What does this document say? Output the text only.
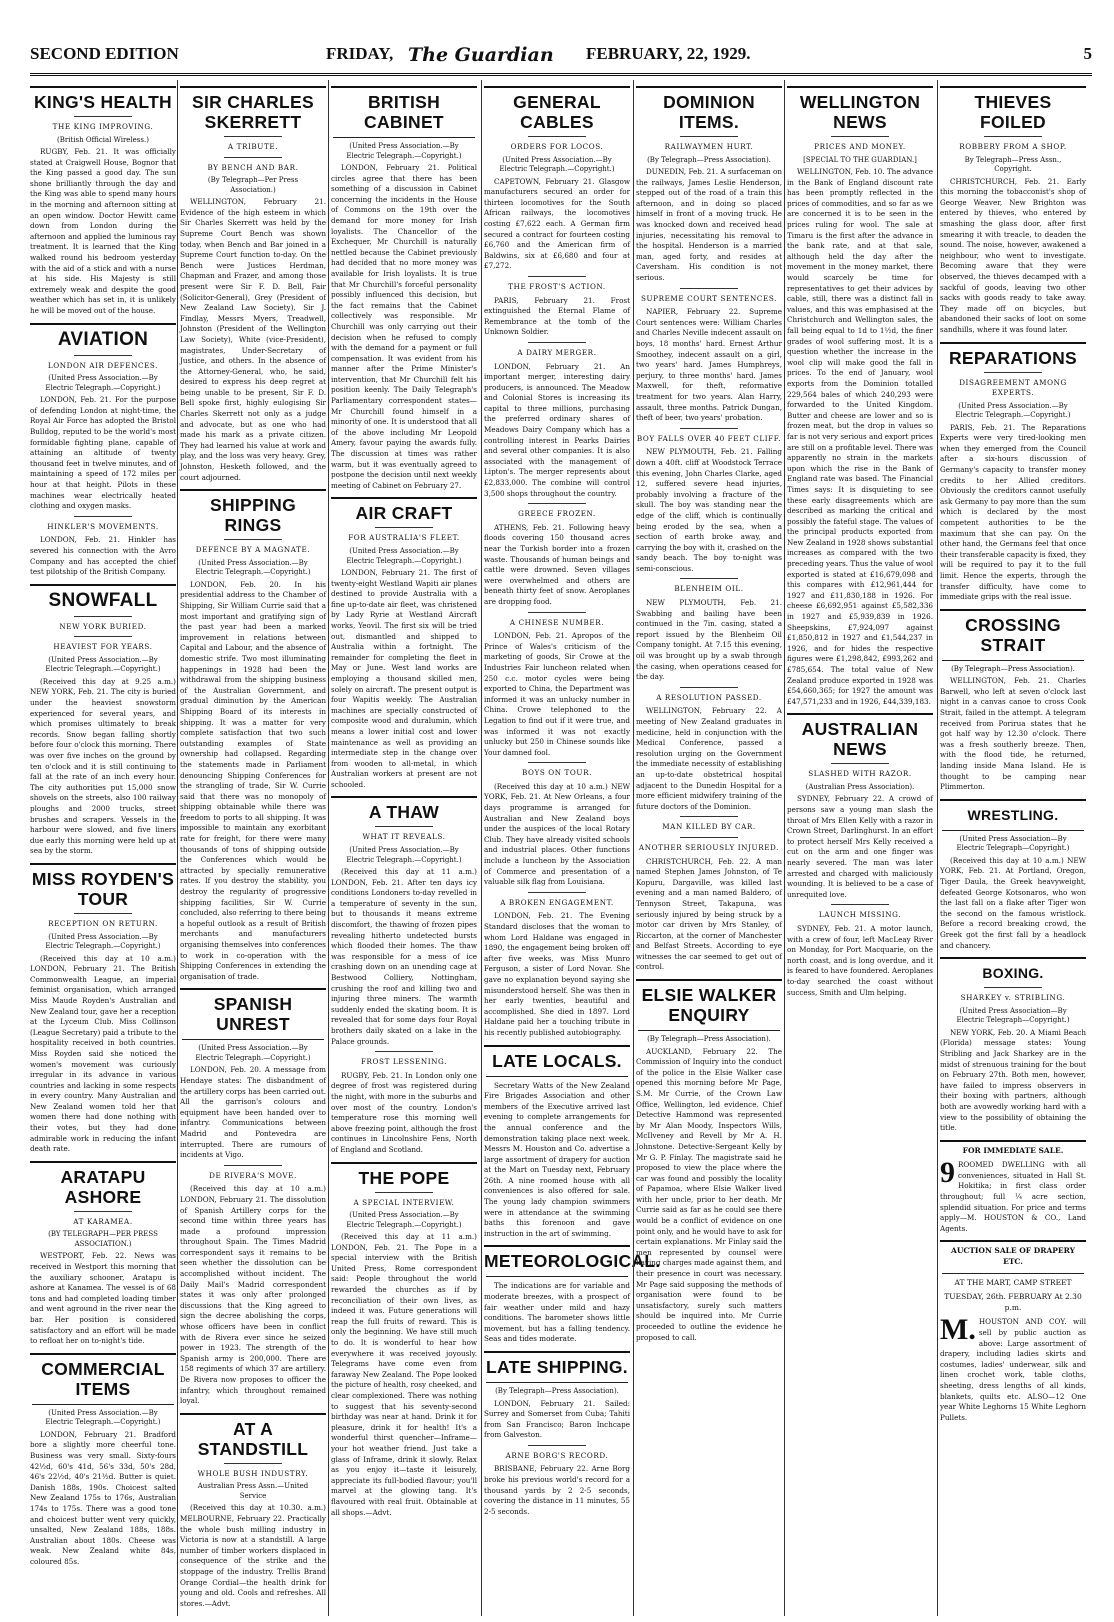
SECOND EDITION	FRIDAY, The Guardian FEBRUARY, 22, 1929.	5
KING'S HEALTH
THE KING IMPROVING.
(British Official Wireless.)

RUGBY, Feb. 21. It was officially stated at Craigwell House, Bognor that the King passed a good day. The sun shone brilliantly through the day and the King was able to spend many hours in the morning and afternoon sitting at an open window. Doctor Hewitt came down from London during the afternoon and applied the luminous ray treatment. It is learned that the King walked round his bedroom yesterday with the aid of a stick and with a nurse at his side. His Majesty is still extremely weak and despite the good weather which has set in, it is unlikely he will be moved out of the house.

AVIATION
LONDON AIR DEFENCES.
(United Press Association.—By Electric Telegraph.—Copyright.)

LONDON, Feb. 21. For the purpose of defending London at night-time, the Royal Air Force has adopted the Bristol Bulldog, reputed to be the world's most formidable fighting plane, capable of attaining an altitude of twenty thousand feet in twelve minutes, and of maintaining a speed of 172 miles per hour at that height. Pilots in these machines wear electrically heated clothing and oxygen masks.

HINKLER'S MOVEMENTS.

LONDON, Feb. 21. Hinkler has severed his connection with the Avro Company and has accepted the chief test pilotship of the British Company.

SNOWFALL
NEW YORK BURIED.
HEAVIEST FOR YEARS.
(United Press Association.—By Electric Telegraph.—Copyright.)

(Received this day at 9.25 a.m.) NEW YORK, Feb. 21. The city is buried under the heaviest snowstorm experienced for several years, and which promises ultimately to break records. Snow began falling shortly before four o'clock this morning. There was over five inches on the ground by ten o'clock and it is still continuing to fall at the rate of an inch every hour. The city authorities put 15,000 snow shovels on the streets, also 100 railway ploughs and 2000 trucks, street brushes and scrapers. Vessels in the harbour were slowed, and five liners due early this morning were held up at sea by the storm.

MISS ROYDEN'S TOUR
RECEPTION ON RETURN.
(United Press Association.—By Electric Telegraph.—Copyright.)

(Received this day at 10 a.m.) LONDON, February 21. The British Commonwealth League, an imperial feminist organisation, which arranged Miss Maude Royden's Australian and New Zealand tour, gave her a reception at the Lyceum Club. Miss Collinson (League Secretary) paid a tribute to the hospitality received in both countries. Miss Royden said she noticed the women's movement was curiously irregular in its advance in various countries and lacking in some respects in every country. Many Australian and New Zealand women told her that women there had done nothing with their votes, but they had done admirable work in reducing the infant death rate.

ARATAPU ASHORE
AT KARAMEA.
(BY TELEGRAPH—PER PRESS ASSOCIATION.)

WESTPORT, Feb. 22. News was received in Westport this morning that the auxiliary schooner, Aratapu is ashore at Kanamea. The vessel is of 68 tons and had completed loading timber and went aground in the river near the bar. Her position is considered satisfactory and an effort will be made to refloat her on to-night's tide.

COMMERCIAL ITEMS
(United Press Association.—By Electric Telegraph.—Copyright.)

LONDON, February 21. Bradford bore a slightly more cheerful tone. Business was very small. Sixty-fours 42½d, 60's 41d, 56's 33d, 50's 28d, 46's 22½d, 40's 21½d. Butter is quiet. Danish 188s, 190s. Choicest salted New Zealand 175s to 176s, Australian 174s to 175s. There was a good tone and choicest butter went very quickly, unsalted, New Zealand 188s, 188s. Australian about 180s. Cheese was weak. New Zealand white 84s, coloured 85s.

SIR CHARLES SKERRETT
A TRIBUTE.
BY BENCH AND BAR.
(By Telegraph—Per Press Association.)

WELLINGTON, February 21. Evidence of the high esteem in which Sir Charles Skerrett was held by the Supreme Court Bench was shown today, when Bench and Bar joined in a Supreme Court function to-day. On the Bench were Justices Herdman, Chapman and Frazer, and among those present were Sir F. D. Bell, Fair (Solicitor-General), Grey (President of New Zealand Law Society), Sir J. Findlay, Messrs Myers, Treadwell, Johnston (President of the Wellington Law Society), White (vice-President), magistrates, Under-Secretary of Justice, and others. In the absence of the Attorney-General, who, he said, desired to express his deep regret at being unable to be present, Sir F. D. Bell spoke first, highly eulogising Sir Charles Skerrett not only as a judge and advocate, but as one who had made his mark as a private citizen. They had learned his value at work and play, and the loss was very heavy. Grey, Johnston, Hesketh followed, and the court adjourned.

SHIPPING RINGS
DEFENCE BY A MAGNATE.
(United Press Association.—By Electric Telegraph.—Copyright.)

LONDON, Feb. 20. In his presidential address to the Chamber of Shipping, Sir William Currie said that a most important and gratifying sign of the past year had been a marked improvement in relations between Capital and Labour, and the absence of domestic strife. Two most illuminating happenings in 1928 had been the withdrawal from the shipping business of the Australian Government, and gradual diminution by the American Shipping Board of its interests in shipping. It was a matter for very complete satisfaction that two such outstanding examples of State ownership had collapsed. Regarding the statements made in Parliament denouncing Shipping Conferences for the strangling of trade, Sir W. Currie said that there was no monopoly of shipping obtainable while there was freedom to ports to all shipping. It was impossible to maintain any exorbitant rate for freight, for there were many thousands of tons of shipping outside the Conferences which would be attracted by specially remunerative rates. If you destroy the stability, you destroy the regularity of progressive shipping facilities, Sir W. Currie concluded, also referring to there being a hopeful outlook as a result of British merchants and manufacturers organising themselves into conferences to work in co-operation with the Shipping Conferences in extending the organisation of trade.

SPANISH UNREST
(United Press Association.—By Electric Telegraph.—Copyright.)

LONDON, Feb. 20. A message from Hendaye states: The disbandment of the artillery corps has been carried out. All the garrison's colours and equipment have been handed over to infantry. Communications between Madrid and Pontevedra are interrupted. There are rumours of incidents at Vigo.

DE RIVERA'S MOVE.

(Received this day at 10 a.m.) LONDON, February 21. The dissolution of Spanish Artillery corps for the second time within three years has made a profound impression throughout Spain. The Times Madrid correspondent says it remains to be seen whether the dissolution can be accomplished without incident. The Daily Mail's Madrid correspondent states it was only after prolonged discussions that the King agreed to sign the decree abolishing the corps, whose officers have been in conflict with de Rivera ever since he seized power in 1923. The strength of the Spanish army is 200,000. There are 158 regiments of which 37 are artillery. De Rivera now proposes to officer the infantry, which throughout remained loyal.

AT A STANDSTILL
WHOLE BUSH INDUSTRY.
Australian Press Assn.—United Service

(Received this day at 10.30. a.m.) MELBOURNE, February 22. Practically the whole bush milling industry in Victoria is now at a standstill. A large number of timber workers displaced in consequence of the strike and the stoppage of the industry. Trellis Brand Orange Cordial—the health drink for young and old. Cools and refreshes. All stores.—Advt.

BRITISH CABINET
(United Press Association.—By Electric Telegraph.—Copyright.)

LONDON, February 21. Political circles agree that there has been something of a discussion in Cabinet concerning the incidents in the House of Commons on the 19th over the demand for more money for Irish loyalists. The Chancellor of the Exchequer, Mr Churchill is naturally nettled because the Cabinet previously had decided that no more money was available for Irish loyalists. It is true that Mr Churchill's forceful personality possibly influenced this decision, but the fact remains that the Cabinet collectively was responsible. Mr Churchill was only carrying out their decision when he refused to comply with the demand for a payment or full compensation. It was evident from his manner after the Prime Minister's intervention, that Mr Churchill felt his position keenly. The Daily Telegraph's Parliamentary correspondent states—Mr Churchill found himself in a minority of one. It is understood that all of the above including Mr Leopold Amery, favour paying the awards fully. The discussion at times was rather warm, but it was eventually agreed to postpone the decision until next weekly meeting of Cabinet on February 27.

AIR CRAFT
FOR AUSTRALIA'S FLEET.
(United Press Association.—By Electric Telegraph.—Copyright.)

LONDON, February 21. The first of twenty-eight Westland Wapiti air planes destined to provide Australia with a fine up-to-date air fleet, was christened by Lady Ryrie at Westland Aircraft works, Yeovil. The first six will be tried out, dismantled and shipped to Australia within a fortnight. The remainder for completing the fleet in May or June. West land works are employing a thousand skilled men, solely on aircraft. The present output is four Wapitis weekly. The Australian machines are specially constructed of composite wood and duralumin, which means a lower initial cost and lower maintenance as well as providing an intermediate step in the change over from wooden to all-metal, in which Australian workers at present are not schooled.

A THAW
WHAT IT REVEALS.
(United Press Association.—By Electric Telegraph.—Copyright.)

(Received this day at 11 a.m.) LONDON, Feb. 21. After ten days icy conditions Londoners to-day revelled in a temperature of seventy in the sun, but to thousands it means extreme discomfort, the thawing of frozen pipes revealing hitherto undetected bursts which flooded their homes. The thaw was responsible for a mess of ice crashing down on an unending cage at Bestwood Colliery, Nottingham, crushing the roof and killing two and injuring three miners. The warmth suddenly ended the skating boom. It is revealed that for some days four Royal brothers daily skated on a lake in the Palace grounds.

FROST LESSENING.

RUGBY, Feb. 21. In London only one degree of frost was registered during the night, with more in the suburbs and over most of the country. London's temperature rose this morning well above freezing point, although the frost continues in Lincolnshire Fens, North of England and Scotland.

THE POPE
A SPECIAL INTERVIEW.
(United Press Association.—By Electric Telegraph.—Copyright.)

(Received this day at 11 a.m.) LONDON, Feb. 21. The Pope in a special interview with the British United Press, Rome correspondent said: People throughout the world rewarded the churches as if by reconciliation of their own lives, as indeed it was. Future generations will reap the full fruits of reward. This is only the beginning. We have still much to do. It is wonderful to hear how everywhere it was received joyously. Telegrams have come even from faraway New Zealand. The Pope looked the picture of health, rosy cheeked, and clear complexioned. There was nothing to suggest that his seventy-second birthday was near at hand. Drink it for pleasure, drink it for health! It's a wonderful thirst quencher—Inframe—your hot weather friend. Just take a glass of Inframe, drink it slowly. Relax as you enjoy it—taste it leisurely, appreciate its full-bodied flavour; you'll marvel at the glowing tang. It's flavoured with real fruit. Obtainable at all shops.—Advt.

GENERAL CABLES
ORDERS FOR LOCOS.
(United Press Association.—By Electric Telegraph.—Copyright.)

CAPETOWN, February 21. Glasgow manufacturers secured an order for thirteen locomotives for the South African railways, the locomotives costing £7,622 each. A German firm secured a contract for fourteen costing £6,760 and the American firm of Baldwins, six at £6,680 and four at £7,272.

THE FROST'S ACTION.

PARIS, February 21. Frost extinguished the Eternal Flame of Remembrance at the tomb of the Unknown Soldier.

A DAIRY MERGER.

LONDON, February 21. An important merger, interesting dairy producers, is announced. The Meadow and Colonial Stores is increasing its capital to three millions, purchasing the preferred ordinary shares of Meadows Dairy Company which has a controlling interest in Pearks Dairies and several other companies. It is also associated with the management of Lipton's. The merger represents about £2,833,000. The combine will control 3,500 shops throughout the country.

GREECE FROZEN.

ATHENS, Feb. 21. Following heavy floods covering 150 thousand acres near the Turkish border into a frozen waste. Thousands of human beings and cattle were drowned. Seven villages were overwhelmed and others are beneath thirty feet of snow. Aeroplanes are dropping food.

A CHINESE NUMBER.

LONDON, Feb. 21. Apropos of the Prince of Wales's criticism of the marketing of goods, Sir Crowe at the Industries Fair luncheon related when 250 c.c. motor cycles were being exported to China, the Department was informed it was an unlucky number in China. Crowe telephoned to the Legation to find out if it were true, and was informed it was not exactly unlucky but 250 in Chinese sounds like Your damned fool.

BOYS ON TOUR.

(Received this day at 10 a.m.) NEW YORK, Feb. 21. At New Orleans, a four days programme is arranged for Australian and New Zealand boys under the auspices of the local Rotary Club. They have already visited schools and industrial places. Other functions include a luncheon by the Association of Commerce and presentation of a valuable silk flag from Louisiana.

A BROKEN ENGAGEMENT.

LONDON, Feb. 21. The Evening Standard discloses that the woman to whom Lord Haldane was engaged in 1890, the engagement being broken off after five weeks, was Miss Munro Ferguson, a sister of Lord Novar. She gave no explanation beyond saying she misunderstood herself. She was then in her early twenties, beautiful and accomplished. She died in 1897. Lord Haldane paid her a touching tribute in his recently published autobiography.

LATE LOCALS.

Secretary Watts of the New Zealand Fire Brigades Association and other members of the Executive arrived last evening to complete arrangements for the annual conference and the demonstration taking place next week. Messrs M. Houston and Co. advertise a large assortment of drapery for auction at the Mart on Tuesday next, February 26th. A nine roomed house with all conveniences is also offered for sale. The young lady champion swimmers were in attendance at the swimming baths this forenoon and gave instruction in the art of swimming.

METEOROLOGICAL.

The indications are for variable and moderate breezes, with a prospect of fair weather under mild and hazy conditions. The barometer shows little movement, but has a falling tendency. Seas and tides moderate.

LATE SHIPPING.
(By Telegraph—Press Association).

LONDON, February 21. Sailed: Surrey and Somerset from Cuba; Tahiti from San Francisco; Baron Inchcape from Galveston.

ARNE BORG'S RECORD.

BRISBANE, February 22. Arne Borg broke his previous world's record for a thousand yards by 2 2-5 seconds, covering the distance in 11 minutes, 55 2-5 seconds.

DOMINION ITEMS.
RAILWAYMEN HURT.
(By Telegraph—Press Association).

DUNEDIN, Feb. 21. A surfaceman on the railways, James Leslie Henderson, stepped out of the road of a train this afternoon, and in doing so placed himself in front of a moving truck. He was knocked down and received head injuries, necessitating his removal to the hospital. Henderson is a married man, aged forty, and resides at Caversham. His condition is not serious.

SUPREME COURT SENTENCES.

NAPIER, February 22. Supreme Court sentences were: William Charles and Charles Neville indecent assault on boys, 18 months' hard. Ernest Arthur Smoothey, indecent assault on a girl, two years' hard. James Humphreys, perjury, to three months' hard. James Maxwell, for theft, reformative treatment for two years. Alan Harry, assault, three months. Patrick Dungan, theft of beer, two years' probation.

BOY FALLS OVER 40 FEET CLIFF.

NEW PLYMOUTH, Feb. 21. Falling down a 40ft. cliff at Woodstock Terrace this evening, John Charles Clarke, aged 12, suffered severe head injuries, probably involving a fracture of the skull. The boy was standing near the edge of the cliff, which is continually being eroded by the sea, when a section of earth broke away, and carrying the boy with it, crashed on the sandy beach. The boy to-night was semi-conscious.

BLENHEIM OIL.

NEW PLYMOUTH, Feb. 21. Swabbing and bailing have been continued in the 7in. casing, stated a report issued by the Blenheim Oil Company tonight. At 7.15 this evening, oil was brought up by a swab through the casing, when operations ceased for the day.

A RESOLUTION PASSED.

WELLINGTON, February 22. A meeting of New Zealand graduates in medicine, held in conjunction with the Medical Conference, passed a resolution urging on the Government the immediate necessity of establishing an up-to-date obstetrical hospital adjacent to the Dunedin Hospital for a more efficient midwifery training of the future doctors of the Dominion.

MAN KILLED BY CAR.
ANOTHER SERIOUSLY INJURED.

CHRISTCHURCH, Feb. 22. A man named Stephen James Johnston, of Te Kopuru, Dargaville, was killed last evening and a man named Baldero, of Tennyson Street, Takapuna, was seriously injured by being struck by a motor car driven by Mrs Stanley, of Riccarton, at the corner of Manchester and Belfast Streets. According to eye witnesses the car seemed to get out of control.

ELSIE WALKER ENQUIRY
(By Telegraph—Press Association).

AUCKLAND, February 22. The Commission of Inquiry into the conduct of the police in the Elsie Walker case opened this morning before Mr Page, S.M. Mr Currie, of the Crown Law Office, Wellington, led evidence. Chief Detective Hammond was represented by Mr Alan Moody, Inspectors Wills, McIlveney and Revell by Mr A. H. Johnstone. Detective-Sergeant Kelly by Mr G. P. Finlay. The magistrate said he proposed to view the place where the car was found and possibly the locality of Papamoa, where Elsie Walker lived with her uncle, prior to her death. Mr Currie said as far as he could see there would be a conflict of evidence on one point only, and he would have to ask for certain explanations. Mr Finlay said the men represented by counsel were having charges made against them, and their presence in court was necessary. Mr Page said supposing the methods of organisation were found to be unsatisfactory, surely such matters should be inquired into. Mr Currie proceeded to outline the evidence he proposed to call.

WELLINGTON NEWS
PRICES AND MONEY.
[SPECIAL TO THE GUARDIAN.]

WELLINGTON, Feb. 10. The advance in the Bank of England discount rate has been promptly reflected in the prices of commodities, and so far as we are concerned it is to be seen in the prices ruling for wool. The sale at Timaru is the first after the advance in the bank rate, and at that sale, although held the day after the movement in the money market, there would scarcely be time for representatives to get their advices by cable, still, there was a distinct fall in values, and this was emphasised at the Christchurch and Wellington sales, the fall being equal to 1d to 1½d, the finer grades of wool suffering most. It is a question whether the increase in the wool clip will make good the fall in prices. To the end of January, wool exports from the Dominion totalled 229,564 bales of which 240,293 were forwarded to the United Kingdom. Butter and cheese are lower and so is frozen meat, but the drop in values so far is not very serious and export prices are still on a profitable level. There was apparently no strain in the markets upon which the rise in the Bank of England rate was based. The Financial Times says: It is disquieting to see these early disagreements which are described as marking the critical and possibly the fateful stage. The values of the principal products exported from New Zealand in 1928 shows substantial increases as compared with the two preceding years. Thus the value of wool exported is stated at £16,679,098 and this compares with £12,961,444 for 1927 and £11,830,188 in 1926. For cheese £6,692,951 against £5,582,336 in 1927 and £5,939,839 in 1926. Sheepskins, £7,924,097 against £1,850,812 in 1927 and £1,544,237 in 1926, and for hides the respective figures were £1,298,842, £993,262 and £785,654. The total value of New Zealand produce exported in 1928 was £54,660,365; for 1927 the amount was £47,571,233 and in 1926, £44,339,183.

AUSTRALIAN NEWS
SLASHED WITH RAZOR.
(Australian Press Association).

SYDNEY, February 22. A crowd of persons saw a young man slash the throat of Mrs Ellen Kelly with a razor in Crown Street, Darlinghurst. In an effort to protect herself Mrs Kelly received a cut on the arm and one finger was nearly severed. The man was later arrested and charged with maliciously wounding. It is believed to be a case of unrequited love.

LAUNCH MISSING.

SYDNEY, Feb. 21. A motor launch, with a crew of four, left MacLeay River on Monday, for Port Macquarie, on the north coast, and is long overdue, and it is feared to have foundered. Aeroplanes to-day searched the coast without success, Smith and Ulm helping.

THIEVES FOILED
ROBBERY FROM A SHOP.
By Telegraph—Press Assn., Copyright.

CHRISTCHURCH, Feb. 21. Early this morning the tobacconist's shop of George Weaver, New Brighton was entered by thieves, who entered by smashing the glass door, after first smearing it with treacle, to deaden the sound. The noise, however, awakened a neighbour, who went to investigate. Becoming aware that they were observed, the thieves decamped with a sackful of goods, leaving two other sacks with goods ready to take away. They made off on bicycles, but abandoned their sacks of loot on some sandhills, where it was found later.

REPARATIONS
DISAGREEMENT AMONG EXPERTS.
(United Press Association.—By Electric Telegraph.—Copyright.)

PARIS, Feb. 21. The Reparations Experts were very tired-looking men when they emerged from the Council after a six-hours discussion of Germany's capacity to transfer money credits to her Allied creditors. Obviously the creditors cannot usefully ask Germany to pay more than the sum which is declared by the most competent authorities to be the maximum that she can pay. On the other hand, the Germans feel that once their transferable capacity is fixed, they will be required to pay it to the full limit. Hence the experts, through the transfer difficulty, have come to immediate grips with the real issue.

CROSSING STRAIT
(By Telegraph—Press Association).

WELLINGTON, Feb. 21. Charles Barwell, who left at seven o'clock last night in a canvas canoe to cross Cook Strait, failed in the attempt. A telegram received from Porirua states that he got half way by 12.30 o'clock. There was a fresh southerly breeze. Then, with the flood tide, he returned, landing inside Mana Island. He is thought to be camping near Plimmerton.

WRESTLING.
(United Press Association—By Electric Telegraph—Copyright.)

(Received this day at 10 a.m.) NEW YORK, Feb. 21. At Portland, Oregon, Tiger Daula, the Greek heavyweight, defeated George Kotsonaros, who won the last fall on a flake after Tiger won the second on the famous wristlock. Before a record breaking crowd, the Greek got the first fall by a headlock and chancery.

BOXING.
SHARKEY v. STRIBLING.
(United Press Association—By Electric Telegraph—Copyright.)

NEW YORK, Feb. 20. A Miami Beach (Florida) message states: Young Stribling and Jack Sharkey are in the midst of strenuous training for the bout on February 27th. Both men, however, have failed to impress observers in their boxing with partners, although both are avowedly working hard with a view to the possibility of obtaining the title.

FOR IMMEDIATE SALE.
9 ROOMED DWELLING with all conveniences, situated in Hall St. Hokitika; in first class order throughout; full ¼ acre section, splendid situation. For price and terms apply—M. HOUSTON & CO., Land Agents.
AUCTION SALE OF DRAPERY ETC.
AT THE MART, CAMP STREET
TUESDAY, 26th. FEBRUARY At 2.30 p.m.
M. HOUSTON AND COY. will sell by public auction as above: Large assortment of drapery, including ladies skirts and costumes, ladies' underwear, silk and linen crochet work, table cloths, sheeting, dress lengths of all kinds, blankets, quilts etc. ALSO—12 One year White Leghorns 15 White Leghorn Pullets.
